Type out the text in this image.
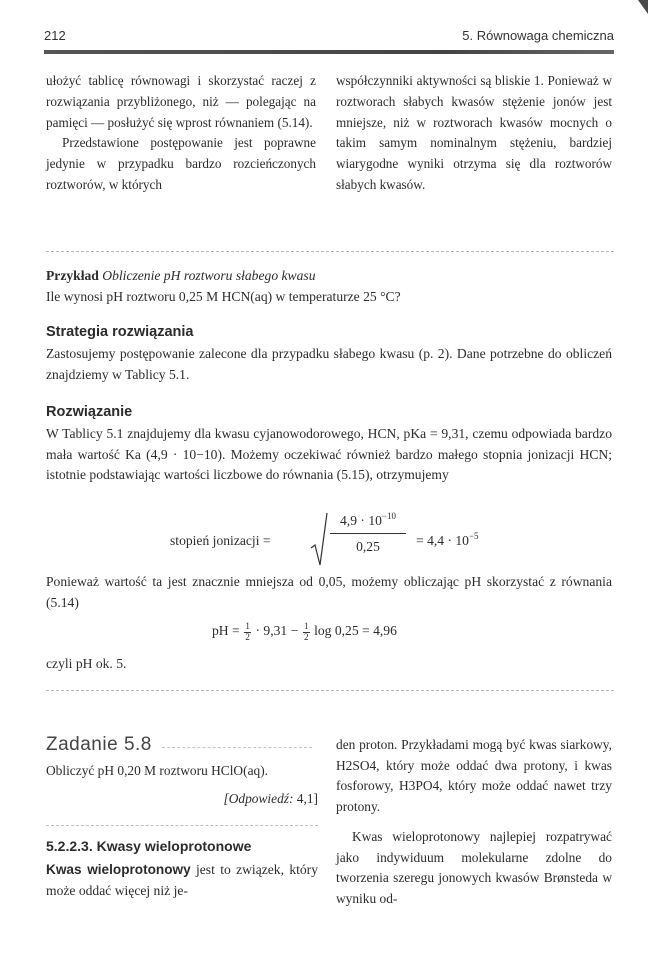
212	5. Równowaga chemiczna

ułożyć tablicę równowagi i skorzystać raczej z rozwiązania przybliżonego, niż — polegając na pamięci — posłużyć się wprost równaniem (5.14).

Przedstawione postępowanie jest poprawne jedynie w przypadku bardzo rozcieńczonych roztworów, w których

współczynniki aktywności są bliskie 1. Ponieważ w roztworach słabych kwasów stężenie jonów jest mniejsze, niż w roztworach kwasów mocnych o takim samym nominalnym stężeniu, bardziej wiarygodne wyniki otrzyma się dla roztworów słabych kwasów.

Przykład Obliczenie pH roztworu słabego kwasu
Ile wynosi pH roztworu 0,25 M HCN(aq) w temperaturze 25 °C?
Strategia rozwiązania
Zastosujemy postępowanie zalecone dla przypadku słabego kwasu (p. 2). Dane potrzebne do obliczeń znajdziemy w Tablicy 5.1.
Rozwiązanie
W Tablicy 5.1 znajdujemy dla kwasu cyjanowodorowego, HCN, pKa = 9,31, czemu odpowiada bardzo mała wartość Ka (4,9 · 10−10). Możemy oczekiwać również bardzo małego stopnia jonizacji HCN; istotnie podstawiając wartości liczbowe do równania (5.15), otrzymujemy
stopień jonizacji =
$4,9 \cdot 10^{-10}$
0,25	= $4,4 \cdot 10^{-5}$
Ponieważ wartość ta jest znacznie mniejsza od 0,05, możemy obliczając pH skorzystać z równania (5.14)
pH = $\frac{1}{2} \cdot 9,31 - \frac{1}{2}$ log 0,25 = 4,96
czyli pH ok. 5.
Zadanie 5.8
Obliczyć pH 0,20 M roztworu HClO(aq).
[Odpowiedź: 4,1]
5.2.2.3. Kwasy wieloprotonowe

Kwas wieloprotonowy jest to związek, który może oddać więcej niż je-

den proton. Przykładami mogą być kwas siarkowy, H2SO4, który może oddać dwa protony, i kwas fosforowy, H3PO4, który może oddać nawet trzy protony.

Kwas wieloprotonowy najlepiej rozpatrywać jako indywiduum molekularne zdolne do tworzenia szeregu jonowych kwasów Brønsteda w wyniku od-
